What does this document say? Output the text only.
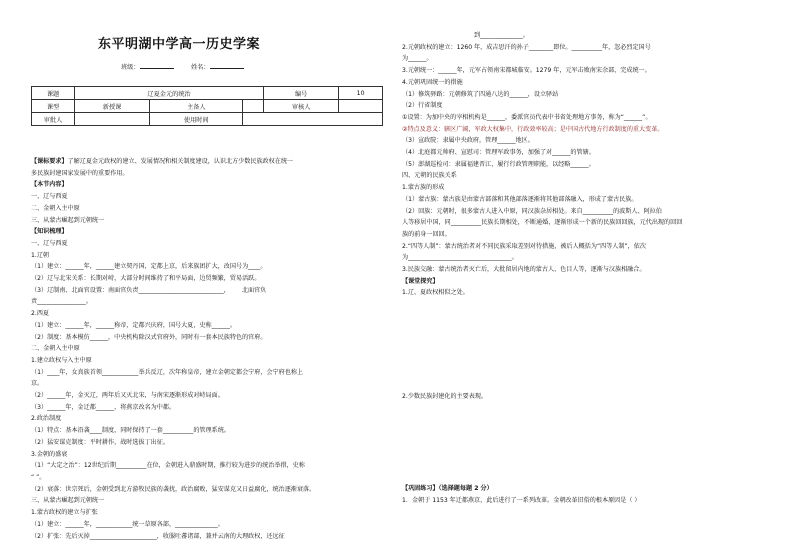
东平明湖中学高一历史学案
班级：	姓名：
课题	辽夏金元的统治			编号	10
课型	新授课	主备人		审核人	
审批人		使用时间			
【课标要求】了解辽夏金元政权的建立、发展情况和相关制度建设，认识北方少数民族政权在统一
多民族封建国家发展中的重要作用。
【本节内容】
一、辽与西夏
二、金朝入主中原
三、从蒙古崛起到元朝统一
【知识梳理】
一、辽与西夏
1.辽朝
（1）建立：______年，______建立契丹国，定都上京，后来族团扩大，改国号为____。
（2）辽与北宋关系：长期对峙，大部分时间维持了和平局面，边贸频繁，贸易活跃。
（3）辽制南、北面官设置：南面官负责____________________________， 北面官负
责________________。
2.西夏
（1）建立：______年，______称帝，定都兴庆府，国号大夏，史称______。
（2）制度：基本模仿______，中央机构除汉式官府外，同时有一套本民族特色的官府。
二、金朝入主中原
1.建立政权与入主中原
（1）____年，女真族首领____________举兵反辽，次年称皇帝，建立金朝定都会宁府，会宁府也称上
京。
（2）______年，金灭辽，两年后又灭北宋，与南宋逐渐形成对峙局面。
（3）______年，金迁都______，将燕京改名为中都。
2.政治制度
（1）特点：基本沿袭____制度，同时保持了一套__________的管理系统。
（2）猛安谋克制度：平时耕作，战时选拔丁出征。
3.金朝的盛衰
（1）“大定之治”：12世纪后期__________在位，金朝进入鼎盛时期，推行较为进步的统治举措，史称
“ ”。
（2）衰落：世宗死后，金朝受到北方游牧民族的袭扰，政治腐败，猛安谋克又日益腐化，统治逐渐衰落。
三、从蒙古崛起到元朝统一
1.蒙古政权的建立与扩张
（1）建立：______年，____________统一草原各部，______________。
（2）扩张：先后灭掉______________________，收服吐蕃诸部，兼并云南的大理政权，还远征
到______________。
2.元朝政权的建立：1260 年，成吉思汗的孙子________即位。__________年，忽必烈定国号
为______。
3.元朝统一：______年，元军占领南宋都城临安。1279 年，元军击败南宋余部，完成统一。
4.元朝巩固统一的措施
（1）修筑驿路：元朝修筑了四通八达的______，设立驿站
（2）行省制度
①设置：为加中央的宰相机构是______，委派官员代表中书省处理地方事务，称为“______”。
②特点及意义：辖区广阔，军政大权集中，行政效率较高；是中国古代地方行政制度的重大变革。
（3）宣政院：隶属中央政府，管理______地区。
（4）北庭都元帅府、宣慰司：管理军政事务，加强了对______的管辖。
（5）澎湖巡检司：隶属福建晋江，履行行政管理职能，以经略______。
四、元朝的民族关系
1.蒙古族的形成
（1）蒙古族：蒙古族是由蒙古部落和其他部落逐渐将其他部落融入，形成了蒙古民族。
（2）回族：元朝时，很多蒙古人进入中原，同汉族杂居相处。来自__________的波斯人、阿拉伯
人等移居中国，同__________民族长期相处，不断通婚，逐渐形成一个新的民族回回族，元代出现的回回
族的前身一回回。
2.“四等人制”：蒙古统治者对不同民族采取差别对待措施，被后人概括为“四等人制”，依次
为__________________________________。
3.民族交融：蒙古统治者灭亡后，大批留居内地的蒙古人、色目人等，逐渐与汉族相融合。
【课堂探究】
1.辽、夏政权相似之处。
2.少数民族封建化的主要表现。
【巩固练习】（选择题每题 2 分）
1．金朝于 1153 年迁都燕京，此后进行了一系列改革。金朝改革旧俗的根本原因是（ ）
